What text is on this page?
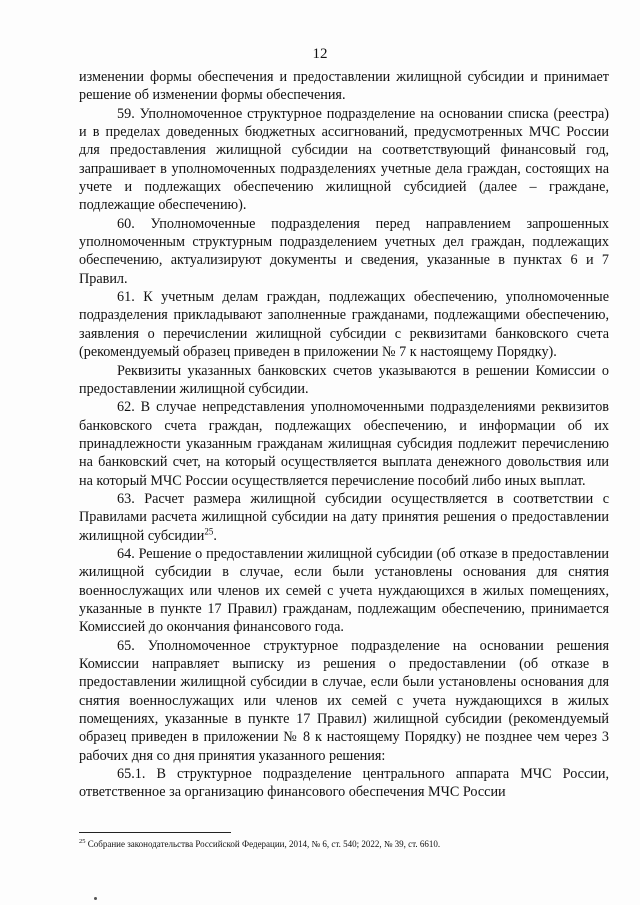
12

изменении формы обеспечения и предоставлении жилищной субсидии и принимает решение об изменении формы обеспечения.

59. Уполномоченное структурное подразделение на основании списка (реестра) и в пределах доведенных бюджетных ассигнований, предусмотренных МЧС России для предоставления жилищной субсидии на соответствующий финансовый год, запрашивает в уполномоченных подразделениях учетные дела граждан, состоящих на учете и подлежащих обеспечению жилищной субсидией (далее – граждане, подлежащие обеспечению).

60. Уполномоченные подразделения перед направлением запрошенных уполномоченным структурным подразделением учетных дел граждан, подлежащих обеспечению, актуализируют документы и сведения, указанные в пунктах 6 и 7 Правил.

61. К учетным делам граждан, подлежащих обеспечению, уполномоченные подразделения прикладывают заполненные гражданами, подлежащими обеспечению, заявления о перечислении жилищной субсидии с реквизитами банковского счета (рекомендуемый образец приведен в приложении № 7 к настоящему Порядку).

Реквизиты указанных банковских счетов указываются в решении Комиссии о предоставлении жилищной субсидии.

62. В случае непредставления уполномоченными подразделениями реквизитов банковского счета граждан, подлежащих обеспечению, и информации об их принадлежности указанным гражданам жилищная субсидия подлежит перечислению на банковский счет, на который осуществляется выплата денежного довольствия или на который МЧС России осуществляется перечисление пособий либо иных выплат.

63. Расчет размера жилищной субсидии осуществляется в соответствии с Правилами расчета жилищной субсидии на дату принятия решения о предоставлении жилищной субсидии$^{25}$.

64. Решение о предоставлении жилищной субсидии (об отказе в предоставлении жилищной субсидии в случае, если были установлены основания для снятия военнослужащих или членов их семей с учета нуждающихся в жилых помещениях, указанные в пункте 17 Правил) гражданам, подлежащим обеспечению, принимается Комиссией до окончания финансового года.

65. Уполномоченное структурное подразделение на основании решения Комиссии направляет выписку из решения о предоставлении (об отказе в предоставлении жилищной субсидии в случае, если были установлены основания для снятия военнослужащих или членов их семей с учета нуждающихся в жилых помещениях, указанные в пункте 17 Правил) жилищной субсидии (рекомендуемый образец приведен в приложении № 8 к настоящему Порядку) не позднее чем через 3 рабочих дня со дня принятия указанного решения:

65.1. В структурное подразделение центрального аппарата МЧС России, ответственное за организацию финансового обеспечения МЧС России

$^{25}$ Собрание законодательства Российской Федерации, 2014, № 6, ст. 540; 2022, № 39, ст. 6610.
